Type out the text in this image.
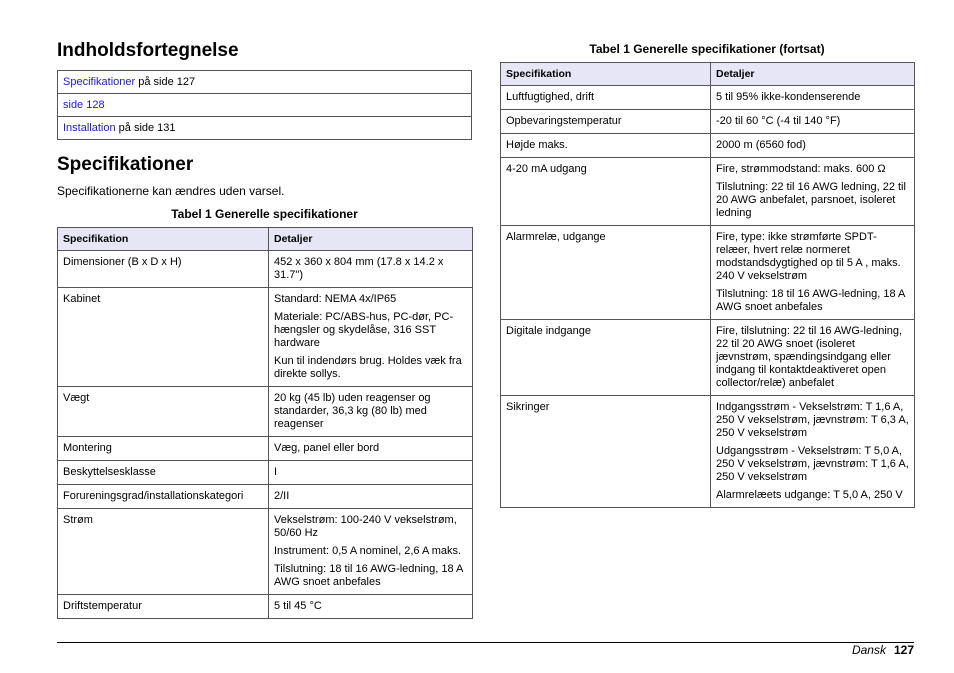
Indholdsfortegnelse
Specifikationer på side 127
side 128
Installation på side 131
Specifikationer
Specifikationerne kan ændres uden varsel.
Tabel 1 Generelle specifikationer
Specifikation	Detaljer
Dimensioner (B x D x H)	452 x 360 x 804 mm (17.8 x 14.2 x 31.7")

Kabinet	Standard: NEMA 4x/IP65

Materiale: PC/ABS-hus, PC-dør, PC-hængsler og skydelåse, 316 SST hardware

Kun til indendørs brug. Holdes væk fra direkte sollys.

Vægt	20 kg (45 lb) uden reagenser og standarder, 36,3 kg (80 lb) med reagenser

Montering	Væg, panel eller bord

Beskyttelsesklasse	I

Forureningsgrad/installationskategori	2/II

Strøm	Vekselstrøm: 100-240 V vekselstrøm, 50/60 Hz

Instrument: 0,5 A nominel, 2,6 A maks.

Tilslutning: 18 til 16 AWG-ledning, 18 A AWG snoet anbefales

Driftstemperatur	5 til 45 °C

Tabel 1 Generelle specifikationer (fortsat)
Specifikation	Detaljer
Luftfugtighed, drift	5 til 95% ikke-kondenserende

Opbevaringstemperatur	-20 til 60 °C (-4 til 140 °F)

Højde maks.	2000 m (6560 fod)

4-20 mA udgang	Fire, strømmodstand: maks. 600 Ω

Tilslutning: 22 til 16 AWG ledning, 22 til 20 AWG anbefalet, parsnoet, isoleret ledning

Alarmrelæ, udgange	Fire, type: ikke strømførte SPDT-relæer, hvert relæ normeret modstandsdygtighed op til 5 A , maks. 240 V vekselstrøm

Tilslutning: 18 til 16 AWG-ledning, 18 A AWG snoet anbefales

Digitale indgange	Fire, tilslutning: 22 til 16 AWG-ledning, 22 til 20 AWG snoet (isoleret jævnstrøm, spændingsindgang eller indgang til kontaktdeaktiveret open collector/relæ) anbefalet

Sikringer	Indgangsstrøm - Vekselstrøm: T 1,6 A, 250 V vekselstrøm, jævnstrøm: T 6,3 A, 250 V vekselstrøm

Udgangsstrøm - Vekselstrøm: T 5,0 A, 250 V vekselstrøm, jævnstrøm: T 1,6 A, 250 V vekselstrøm

Alarmrelæets udgange: T 5,0 A, 250 V

Dansk 127
